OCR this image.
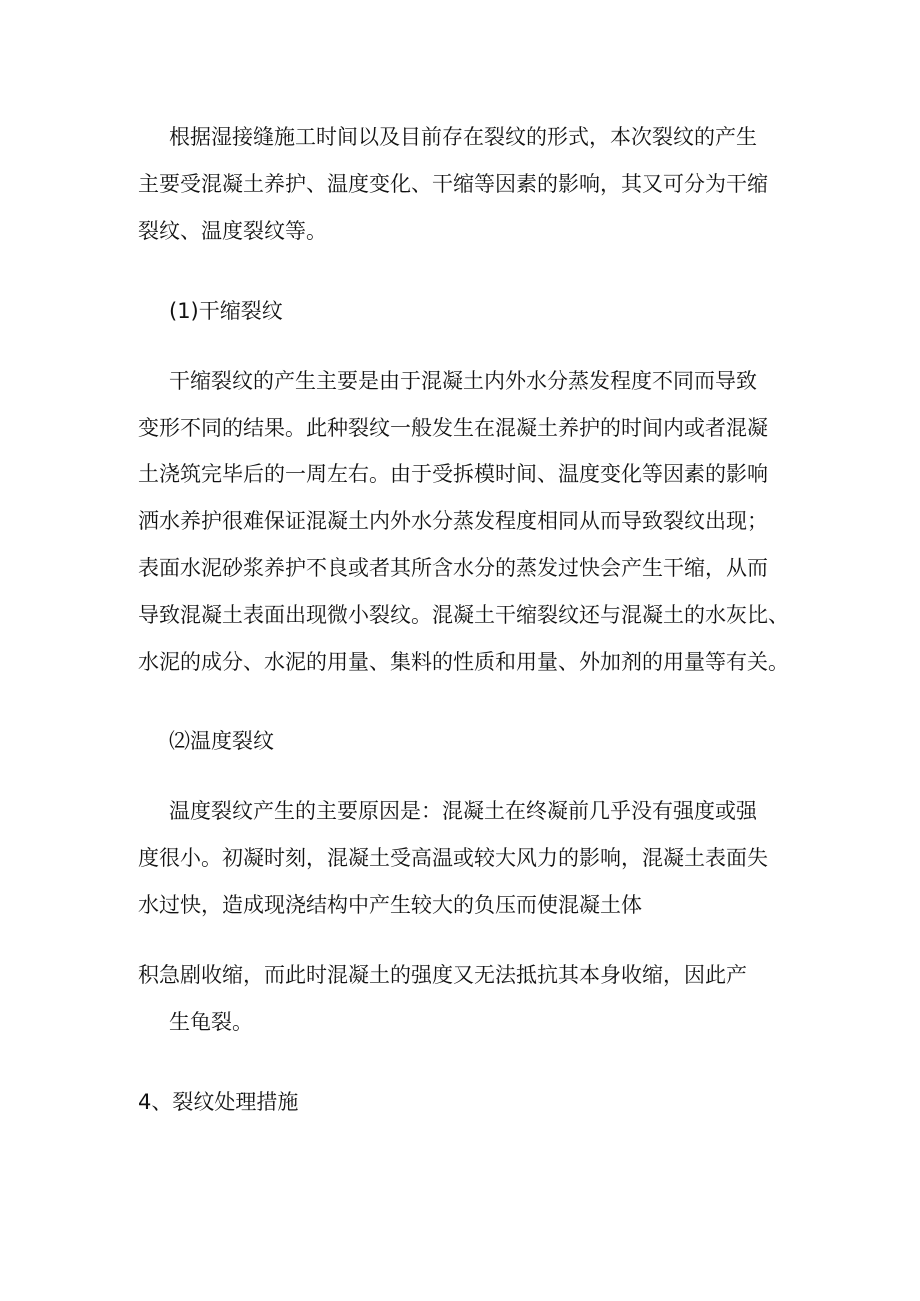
根据湿接缝施工时间以及目前存在裂纹的形式，本次裂纹的产生

主要受混凝土养护、温度变化、干缩等因素的影响，其又可分为干缩

裂纹、温度裂纹等。

(1)干缩裂纹

干缩裂纹的产生主要是由于混凝土内外水分蒸发程度不同而导致

变形不同的结果。此种裂纹一般发生在混凝土养护的时间内或者混凝

土浇筑完毕后的一周左右。由于受拆模时间、温度变化等因素的影响

洒水养护很难保证混凝土内外水分蒸发程度相同从而导致裂纹出现；

表面水泥砂浆养护不良或者其所含水分的蒸发过快会产生干缩，从而

导致混凝土表面出现微小裂纹。混凝土干缩裂纹还与混凝土的水灰比、

水泥的成分、水泥的用量、集料的性质和用量、外加剂的用量等有关。

⑵温度裂纹

温度裂纹产生的主要原因是：混凝土在终凝前几乎没有强度或强

度很小。初凝时刻，混凝土受高温或较大风力的影响，混凝土表面失

水过快，造成现浇结构中产生较大的负压而使混凝土体

积急剧收缩，而此时混凝土的强度又无法抵抗其本身收缩，因此产

生龟裂。

4、裂纹处理措施
